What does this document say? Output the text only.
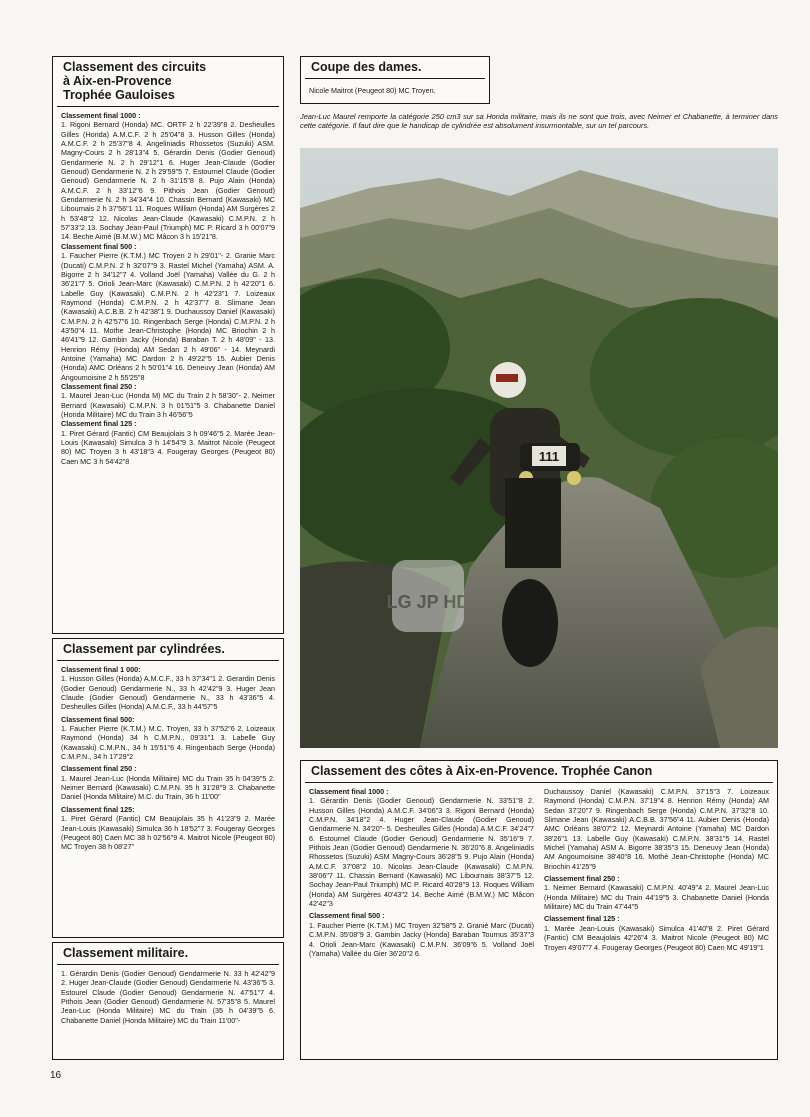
Classement des circuits
à Aix-en-Provence
Trophée Gauloises
Classement final 1000 :
1. Rigoni Bernard (Honda) MC. ORTF 2 h 22'39"8 2. Desheulles Gilles (Honda) A.M.C.F. 2 h 25'04"8 3. Husson Gilles (Honda) A.M.C.F. 2 h 25'37"8 4. Angeliniadis Rhossetos (Suzuki) ASM. Magny-Cours 2 h 28'13"4 5. Gérardin Denis (Godier Genoud) Gendarmerie N. 2 h 29'12"1 6. Huger Jean-Claude (Godier Genoud) Gendarmerie N. 2 h 29'59"5 7. Estournel Claude (Godier Genoud) Gendarmerie N. 2 h 31'15"8 8. Pujo Alain (Honda) A.M.C.F. 2 h 33'12"6 9. Pithois Jean (Godier Genoud) Gendarmerie N. 2 h 34'34"4 10. Chassin Bernard (Kawasaki) MC Libournais 2 h 37'56"1 11. Roques William (Honda) AM Surgères 2 h 53'48"2 12. Nicolas Jean-Claude (Kawasaki) C.M.P.N. 2 h 57'33"2 13. Sochay Jean-Paul (Triumph) MC P. Ricard 3 h 00'07"9 14. Beche Aimé (B.M.W.) MC Mâcon 3 h 15'21"8.
Classement final 500 :
1. Faucher Pierre (K.T.M.) MC Troyen 2 h 29'01"- 2. Granie Marc (Ducati) C.M.P.N. 2 h 32'07"9 3. Rastel Michel (Yamaha) ASM. A. Bigorre 2 h 34'12"7 4. Volland Joël (Yamaha) Vallée du G. 2 h 36'21"7 5. Orioli Jean-Marc (Kawasaki) C.M.P.N. 2 h 42'20"1 6. Labelle Guy (Kawasaki) C.M.P.N. 2 h 42'23"1 7. Loizeaux Raymond (Honda) C.M.P.N. 2 h 42'37"7 8. Slimane Jean (Kawasaki) A.C.B.B. 2 h 42'38"1 9. Duchaussoy Daniel (Kawasaki) C.M.P.N. 2 h 42'57"6 10. Ringenbach Serge (Honda) C.M.P.N. 2 h 43'50"4 11. Mothe Jean-Christophe (Honda) MC Briochin 2 h 46'41"9 12. Gambin Jacky (Honda) Baraban T. 2 h 48'09" - 13. Henrion Rémy (Honda) AM Sedan 2 h 49'06" - 14. Meynardi Antoine (Yamaha) MC Dardon 2 h 49'22"5 15. Aubier Denis (Honda) AMC Orléans 2 h 50'01"4 16. Deneuvy Jean (Honda) AM Angoumoisine 2 h 55'25"8
Classement final 250 :
1. Maurel Jean-Luc (Honda M) MC du Train 2 h 58'30"- 2. Neimer Bernard (Kawasaki) C.M.P.N. 3 h 01'51"5 3. Chabanette Daniel (Honda Militaire) MC du Train 3 h 46'56"5
Classement final 125 :
1. Piret Gérard (Fantic) CM Beaujolais 3 h 09'46"5 2. Marée Jean-Louis (Kawasaki) Simulca 3 h 14'54"9 3. Maitrot Nicole (Peugeot 80) MC Troyen 3 h 43'18"3 4. Fougeray Georges (Peugeot 80) Caen MC 3 h 54'42"8
Classement par cylindrées.
Classement final 1 000:
1. Husson Gilles (Honda) A.M.C.F., 33 h 37'34"1 2. Gerardin Denis (Godier Genoud) Gendarmerie N., 33 h 42'42"9 3. Huger Jean Claude (Godier Genoud) Gendarmerie N., 33 h 43'36"5 4. Desheulles Gilles (Honda) A.M.C.F., 33 h 44'57"5
Classement final 500:
1. Faucher Pierre (K.T.M.) M.C. Troyen, 33 h 37'52"6 2. Loizeaux Raymond (Honda) 34 h C.M.P.N., 09'31"1 3. Labelle Guy (Kawasaki) C.M.P.N., 34 h 15'51"6 4. Ringenbach Serge (Honda) C.M.P.N., 34 h 17'29"2
Classement final 250 :
1. Maurel Jean-Luc (Honda Militaire) MC du Train 35 h 04'39"5 2. Neimer Bernard (Kawasaki) C.M.P.N. 35 h 31'28"9 3. Chabanette Daniel (Honda Militaire) M.C. du Train, 36 h 11'00"
Classement final 125:
1. Piret Gérard (Fantic) CM Beaujolais 35 h 41'23"9 2. Marée Jean-Louis (Kawasaki) Simulca 36 h 18'52"7 3. Fougeray Georges (Peugeot 80) Caen MC 38 h 02'56"9 4. Maitrot Nicole (Peugeot 80) MC Troyen 38 h 08'27"
Classement militaire.
1. Gérardin Denis (Godier Genoud) Gendarmerie N. 33 h 42'42"9 2. Huger Jean-Claude (Godier Genoud) Gendarmerie N. 43'36"5 3. Estourel Claude (Godier Genoud) Gendarmerie N. 47'51"7 4. Pithois Jean (Godier Genoud) Gendarmerie N. 57'35"8 5. Maurel Jean-Luc (Honda Militaire) MC du Train (35 h 04'39"5 6. Chabanette Daniel (Honda Militaire) MC du Train 11'00"-
Coupe des dames.
Nicole Maitrot (Peugeot 80) MC Troyen.
Jean-Luc Maurel remporte la catégorie 250 cm3 sur sa Honda militaire, mais ils ne sont que trois, avec Neimer et Chabanette, à terminer dans cette catégorie. Il faut dire que le handicap de cylindrée est absolument insurmontable, sur un tel parcours.
111
LG JP HD
Classement des côtes à Aix-en-Provence. Trophée Canon
Classement final 1000 :
1. Gérardin Denis (Godier Genoud) Gendarmerie N. 33'51"8 2. Husson Gilles (Honda) A.M.C.F. 34'06"3 3. Rigoni Bernard (Honda) C.M.P.N. 34'18"2 4. Huger Jean-Claude (Godier Genoud) Gendarmerie N. 34'20"- 5. Desheulles Gilles (Honda) A.M.C.F. 34'24"7 6. Estournel Claude (Godier Genoud) Gendarmerie N. 35'16"9 7. Pithois Jean (Godier Genoud) Gendarmerie N. 36'20"6 8. Angeliniadis Rhossetos (Suzuki) ASM Magny-Cours 36'28"5 9. Pujo Alain (Honda) A.M.C.F. 37'08"2 10. Nicolas Jean-Claude (Kawasaki) C.M.P.N. 38'06"7 11. Chassin Bernard (Kawasaki) MC Libournais 38'37"5 12. Sochay Jean-Paul Triumph) MC P. Ricard 40'28"9 13. Roques William (Honda) AM Surgères 40'43"2 14. Beche Aimé (B.M.W.) MC Mâcon 42'42"3
Classement final 500 :
1. Faucher Pierre (K.T.M.) MC Troyen 32'58"5 2. Granié Marc (Ducati) C.M.P.N. 35'08"9 3. Gambin Jacky (Honda) Baraban Tournus 35'37"3 4. Orioli Jean-Marc (Kawasaki) C.M.P.N. 36'09"6 5. Volland Joël (Yamaha) Vallée du Gier 36'20"2 6.
Duchaussoy Daniel (Kawasaki) C.M.P.N. 37'15"3 7. Loizeaux Raymond (Honda) C.M.P.N. 37'19"4 8. Henrion Rémy (Honda) AM Sedan 37'20"7 9. Ringenbach Serge (Honda) C.M.P.N. 37'32"8 10. Slimane Jean (Kawasaki) A.C.B.B. 37'56"4 11. Aubier Denis (Honda) AMC Orléans 38'07"2 12. Meynardi Antoine (Yamaha) MC Dardon 38'26"1 13. Labelle Guy (Kawasaki) C.M.P.N. 38'31"5 14. Rastel Michel (Yamaha) ASM A. Bigorre 38'35"3 15. Deneuvy Jean (Honda) AM Angoumoisine 38'40"8 16. Mothé Jean-Christophe (Honda) MC Briochin 41'25"9
Classement final 250 :
1. Neimer Bernard (Kawasaki) C.M.P.N. 40'49"4 2. Maurel Jean-Luc (Honda Militaire) MC du Train 44'19"5 3. Chabanette Daniel (Honda Militaire) MC du Train 47'44"5
Classement final 125 :
1. Marée Jean-Louis (Kawasaki) Simulca 41'40"8 2. Piret Gérard (Fantic) CM Beaujolais 42'26"4 3. Maitrot Nicole (Peugeot 80) MC Troyen 49'07"7 4. Fougeray Georges (Peugeot 80) Caen MC 49'19"1
16
